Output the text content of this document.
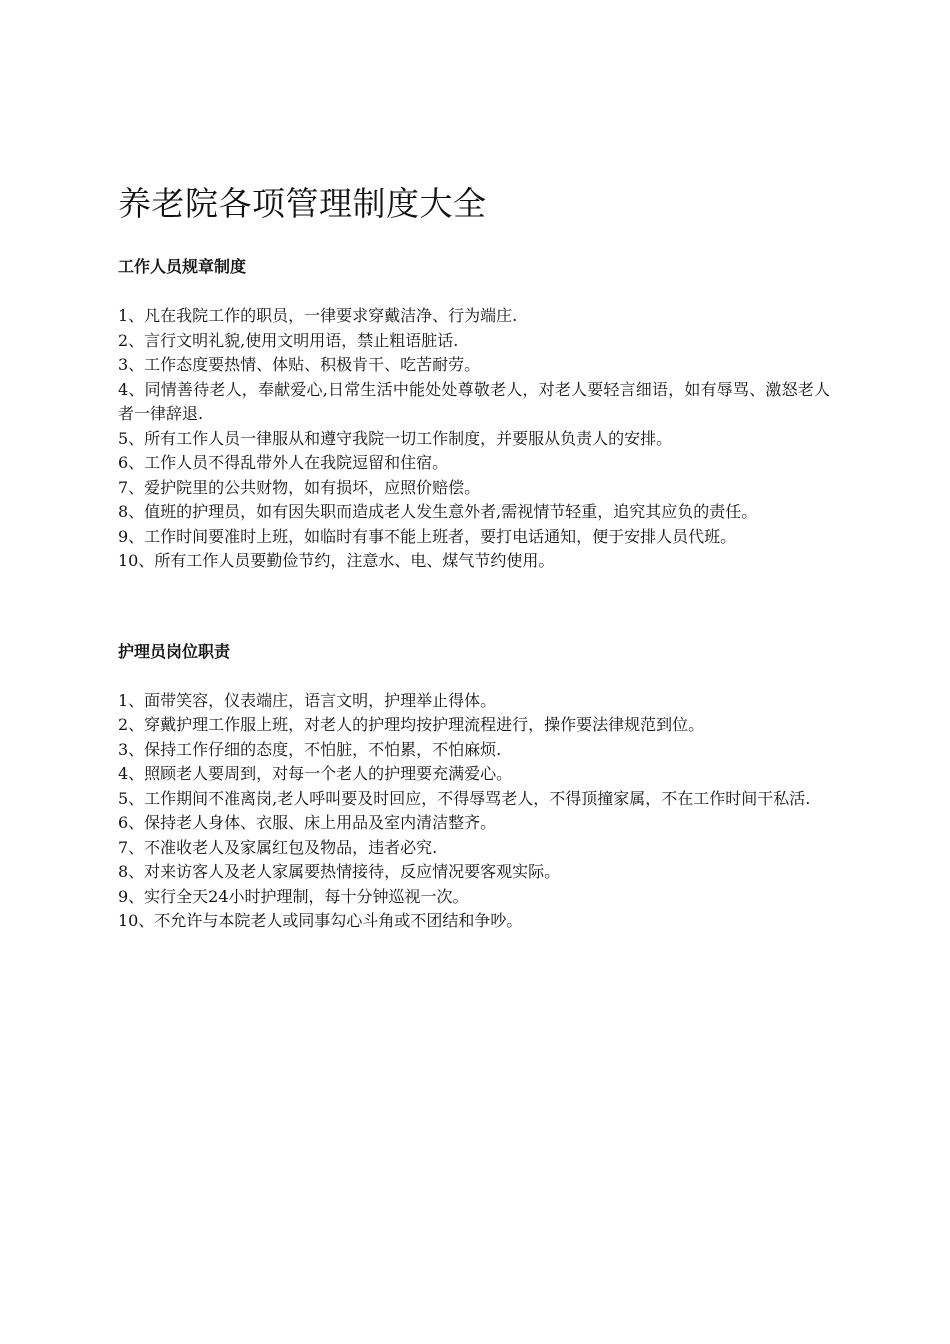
养老院各项管理制度大全
工作人员规章制度
1、凡在我院工作的职员，一律要求穿戴洁净、行为端庄.
2、言行文明礼貌,使用文明用语，禁止粗语脏话.
3、工作态度要热情、体贴、积极肯干、吃苦耐劳。
4、同情善待老人，奉献爱心,日常生活中能处处尊敬老人，对老人要轻言细语，如有辱骂、激怒老人者一律辞退.
5、所有工作人员一律服从和遵守我院一切工作制度，并要服从负责人的安排。
6、工作人员不得乱带外人在我院逗留和住宿。
7、爱护院里的公共财物，如有损坏，应照价赔偿。
8、值班的护理员，如有因失职而造成老人发生意外者,需视情节轻重，追究其应负的责任。
9、工作时间要准时上班，如临时有事不能上班者，要打电话通知，便于安排人员代班。
10、所有工作人员要勤俭节约，注意水、电、煤气节约使用。
护理员岗位职责
1、面带笑容，仪表端庄，语言文明，护理举止得体。
2、穿戴护理工作服上班，对老人的护理均按护理流程进行，操作要法律规范到位。
3、保持工作仔细的态度，不怕脏，不怕累，不怕麻烦.
4、照顾老人要周到，对每一个老人的护理要充满爱心。
5、工作期间不准离岗,老人呼叫要及时回应，不得辱骂老人，不得顶撞家属，不在工作时间干私活.
6、保持老人身体、衣服、床上用品及室内清洁整齐。
7、不准收老人及家属红包及物品，违者必究.
8、对来访客人及老人家属要热情接待，反应情况要客观实际。
9、实行全天24小时护理制，每十分钟巡视一次。
10、不允许与本院老人或同事勾心斗角或不团结和争吵。
